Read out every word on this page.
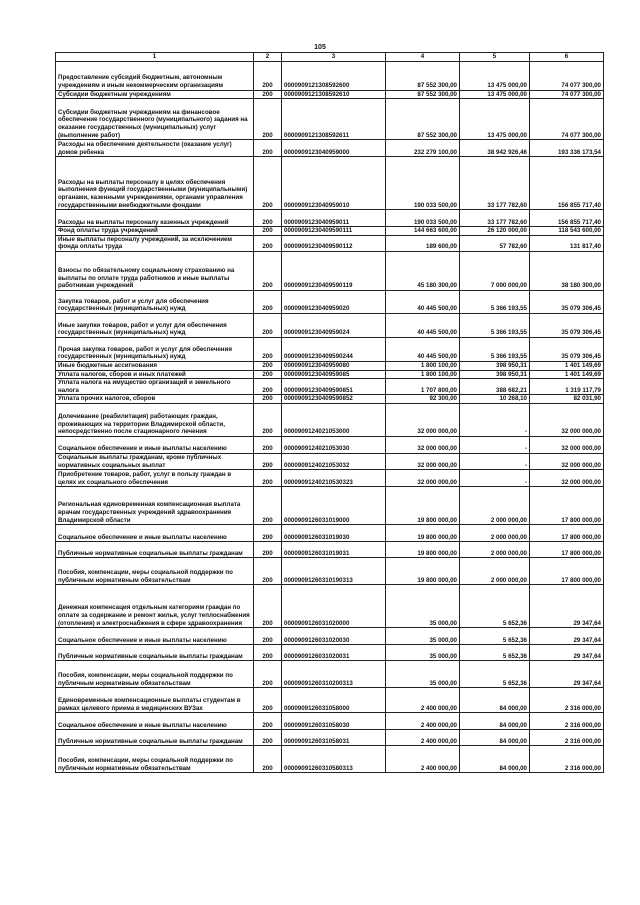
105
1	2	3	4	5	6
Предоставление субсидий бюджетным, автономным учреждениям и иным некоммерческим организациям	200	0000909121308592600	87 552 300,00	13 475 000,00	74 077 300,00
Субсидии бюджетным учреждениям	200	0000909121308592610	87 552 300,00	13 475 000,00	74 077 300,00
Субсидии бюджетным учреждениям на финансовое обеспечение государственного (муниципального) задания на оказание государственных (муниципальных) услуг (выполнение работ)	200	0000909121308592611	87 552 300,00	13 475 000,00	74 077 300,00
Расходы на обеспечение деятельности (оказание услуг) домов ребенка	200	0000909123040959000	232 279 100,00	38 942 926,46	193 336 173,54
Расходы на выплаты персоналу в целях обеспечения выполнения функций государственными (муниципальными) органами, казенными учреждениями, органами управления государственными внебюджетными фондами	200	0000909123040959010	190 033 500,00	33 177 782,60	156 855 717,40
Расходы на выплаты персоналу казенных учреждений	200	0000909123040959011	190 033 500,00	33 177 782,60	156 855 717,40
Фонд оплаты труда учреждений	200	00009091230409590111	144 663 600,00	26 120 000,00	118 543 600,00
Иные выплаты персоналу учреждений, за исключением фонда оплаты труда	200	00009091230409590112	189 600,00	57 782,60	131 817,40
Взносы по обязательному социальному страхованию на выплаты по оплате труда работников и иные выплаты работникам учреждений	200	00009091230409590119	45 180 300,00	7 000 000,00	38 180 300,00
Закупка товаров, работ и услуг для обеспечения государственных (муниципальных) нужд	200	0000909123040959020	40 445 500,00	5 366 193,55	35 079 306,45
Иные закупки товаров, работ и услуг для обеспечения государственных (муниципальных) нужд	200	0000909123040959024	40 445 500,00	5 366 193,55	35 079 306,45
Прочая закупка товаров, работ и услуг для обеспечения государственных (муниципальных) нужд	200	00009091230409590244	40 445 500,00	5 366 193,55	35 079 306,45
Иные бюджетные ассигнования	200	0000909123040959080	1 800 100,00	398 950,31	1 401 149,69
Уплата налогов, сборов и иных платежей	200	0000909123040959085	1 800 100,00	398 950,31	1 401 149,69
Уплата налога на имущество организаций и земельного налога	200	00009091230409590851	1 707 800,00	388 682,21	1 319 117,79
Уплата прочих налогов, сборов	200	00009091230409590852	92 300,00	10 268,10	82 031,90
Долечивание (реабилитация) работающих граждан, проживающих на территории Владимирской области, непосредственно после стационарного лечения	200	0000909124021053000	32 000 000,00	-	32 000 000,00
Социальное обеспечение и иные выплаты населению	200	0000909124021053030	32 000 000,00	-	32 000 000,00
Социальные выплаты гражданам, кроме публичных нормативных социальных выплат	200	0000909124021053032	32 000 000,00	-	32 000 000,00
Приобретение товаров, работ, услуг в пользу граждан в целях их социального обеспечения	200	00009091240210530323	32 000 000,00	-	32 000 000,00
Региональная единовременная компенсационная выплата врачам государственных учреждений здравоохранения Владимирской области	200	0000909126031019000	19 800 000,00	2 000 000,00	17 800 000,00
Социальное обеспечение и иные выплаты населению	200	0000909126031019030	19 800 000,00	2 000 000,00	17 800 000,00
Публичные нормативные социальные выплаты гражданам	200	0000909126031019031	19 800 000,00	2 000 000,00	17 800 000,00
Пособия, компенсации, меры социальной поддержки по публичным нормативным обязательствам	200	00009091260310190313	19 800 000,00	2 000 000,00	17 800 000,00
Денежная компенсация отдельным категориям граждан по оплате за содержание и ремонт жилья, услуг теплоснабжения (отопления) и электроснабжения в сфере здравоохранения	200	0000909126031020000	35 000,00	5 652,36	29 347,64
Социальное обеспечение и иные выплаты населению	200	0000909126031020030	35 000,00	5 652,36	29 347,64
Публичные нормативные социальные выплаты гражданам	200	0000909126031020031	35 000,00	5 652,36	29 347,64
Пособия, компенсации, меры социальной поддержки по публичным нормативным обязательствам	200	00009091260310200313	35 000,00	5 652,36	29 347,64
Единовременные компенсационные выплаты студентам в рамках целевого приема в медицинских ВУЗах	200	0000909126031058000	2 400 000,00	84 000,00	2 316 000,00
Социальное обеспечение и иные выплаты населению	200	0000909126031058030	2 400 000,00	84 000,00	2 316 000,00
Публичные нормативные социальные выплаты гражданам	200	0000909126031058031	2 400 000,00	84 000,00	2 316 000,00
Пособия, компенсации, меры социальной поддержки по публичным нормативным обязательствам	200	00009091260310580313	2 400 000,00	84 000,00	2 316 000,00
